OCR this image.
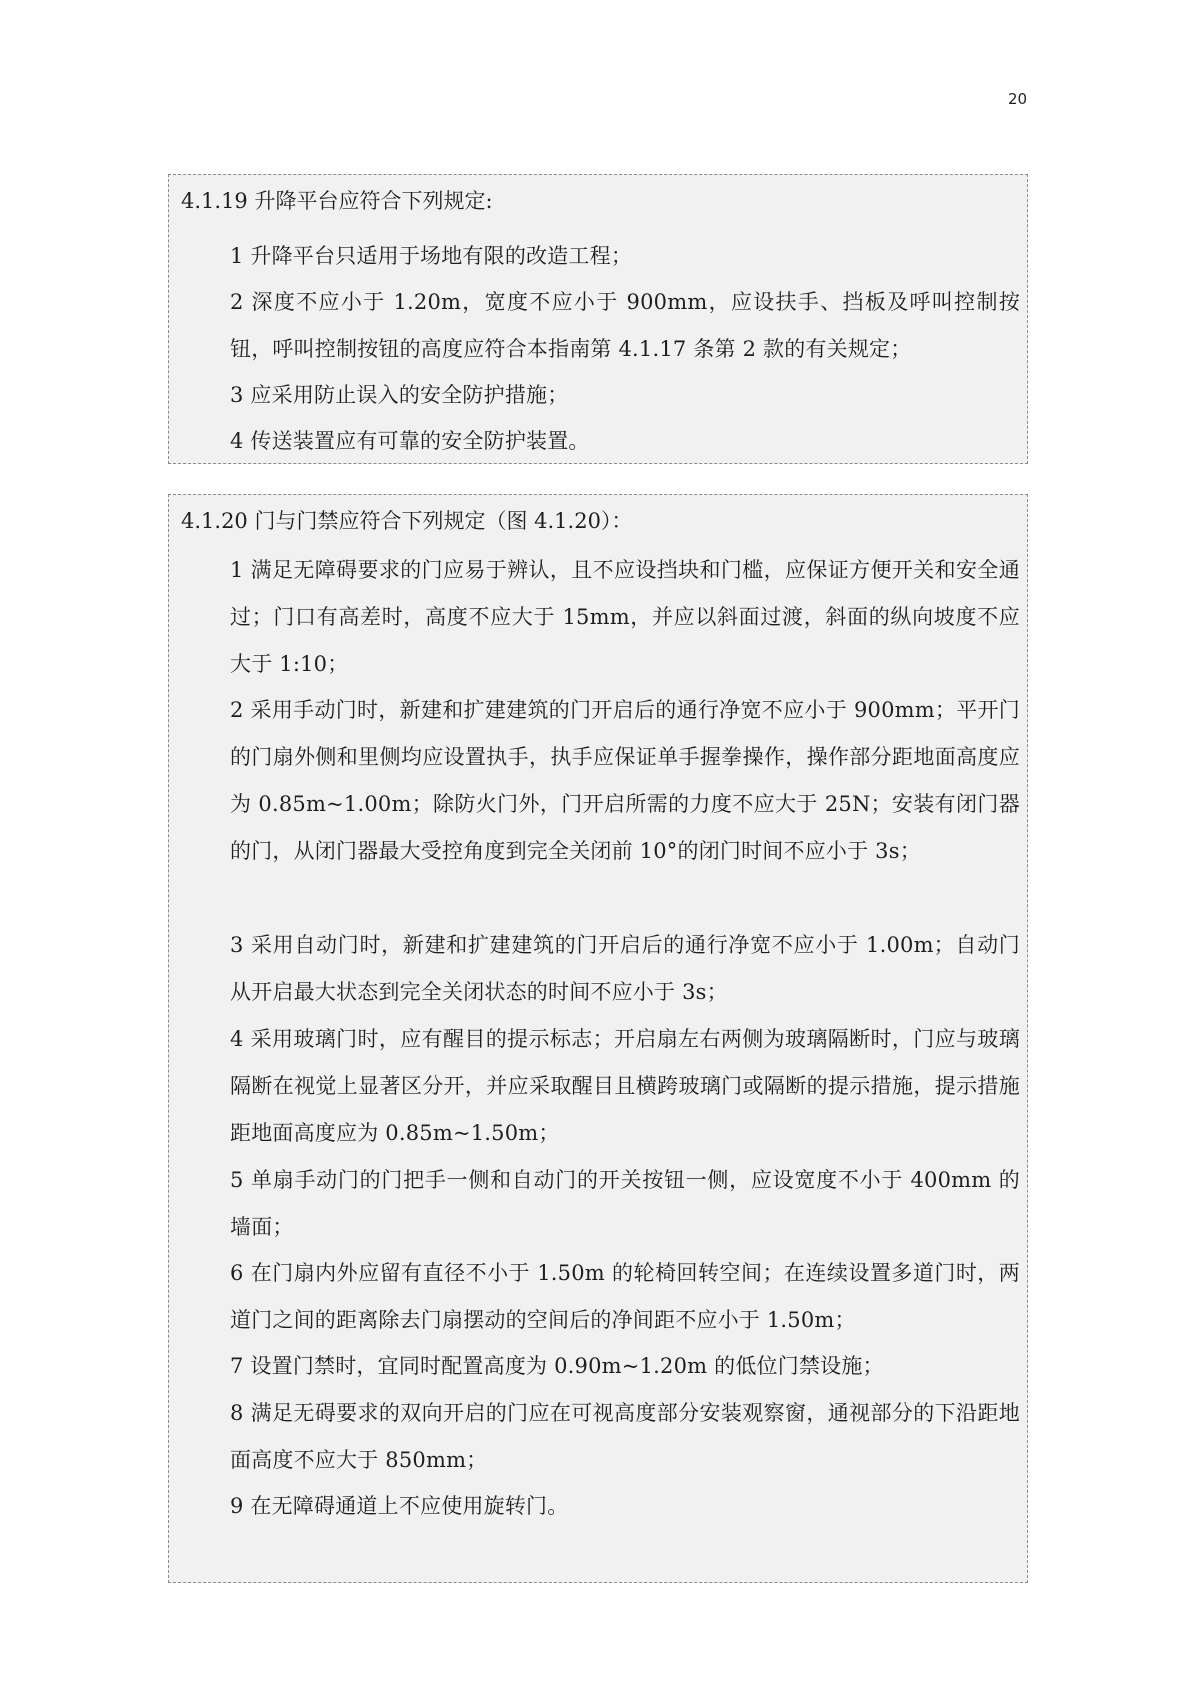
20
4.1.19 升降平台应符合下列规定:
1 升降平台只适用于场地有限的改造工程；
2 深度不应小于 1.20m，宽度不应小于 900mm，应设扶手、挡板及呼叫控制按钮，呼叫控制按钮的高度应符合本指南第 4.1.17 条第 2 款的有关规定；
3 应采用防止误入的安全防护措施；
4 传送装置应有可靠的安全防护装置。
4.1.20 门与门禁应符合下列规定（图 4.1.20）：
1 满足无障碍要求的门应易于辨认，且不应设挡块和门槛，应保证方便开关和安全通过；门口有高差时，高度不应大于 15mm，并应以斜面过渡，斜面的纵向坡度不应大于 1:10；
2 采用手动门时，新建和扩建建筑的门开启后的通行净宽不应小于 900mm；平开门的门扇外侧和里侧均应设置执手，执手应保证单手握拳操作，操作部分距地面高度应为 0.85m~1.00m；除防火门外，门开启所需的力度不应大于 25N；安装有闭门器的门，从闭门器最大受控角度到完全关闭前 10°的闭门时间不应小于 3s；
3 采用自动门时，新建和扩建建筑的门开启后的通行净宽不应小于 1.00m；自动门从开启最大状态到完全关闭状态的时间不应小于 3s；
4 采用玻璃门时，应有醒目的提示标志；开启扇左右两侧为玻璃隔断时，门应与玻璃隔断在视觉上显著区分开，并应采取醒目且横跨玻璃门或隔断的提示措施，提示措施距地面高度应为 0.85m~1.50m；
5 单扇手动门的门把手一侧和自动门的开关按钮一侧，应设宽度不小于 400mm 的墙面；
6 在门扇内外应留有直径不小于 1.50m 的轮椅回转空间；在连续设置多道门时，两道门之间的距离除去门扇摆动的空间后的净间距不应小于 1.50m；
7 设置门禁时，宜同时配置高度为 0.90m~1.20m 的低位门禁设施；
8 满足无碍要求的双向开启的门应在可视高度部分安装观察窗，通视部分的下沿距地面高度不应大于 850mm；
9 在无障碍通道上不应使用旋转门。
